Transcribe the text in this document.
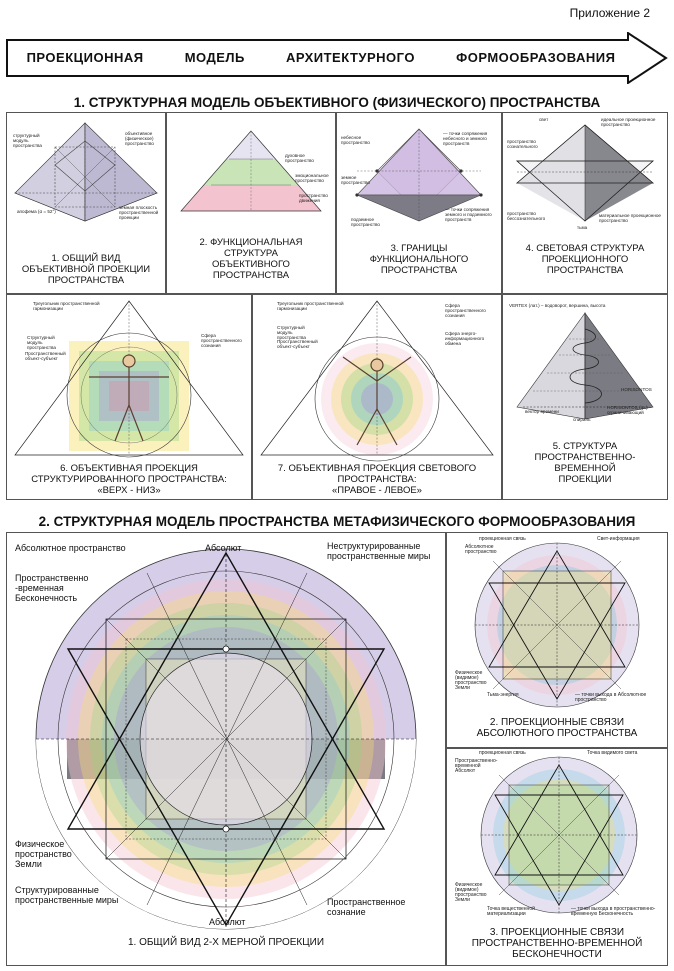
Приложение 2
ПРОЕКЦИОННАЯ	МОДЕЛЬ	АРХИТЕКТУРНОГО	ФОРМООБРАЗОВАНИЯ
1. СТРУКТУРНАЯ МОДЕЛЬ ОБЪЕКТИВНОГО (ФИЗИЧЕСКОГО) ПРОСТРАНСТВА
структурный модуль пространства
объективное (физическое) пространство
земная плоскость пространственной проекции
апофема (α = 52°)
1. ОБЩИЙ ВИД
ОБЪЕКТИВНОЙ ПРОЕКЦИИ
ПРОСТРАНСТВА
духовное пространство
эмоциональное пространство
пространство движения
2. ФУНКЦИОНАЛЬНАЯ
СТРУКТУРА
ОБЪЕКТИВНОГО
ПРОСТРАНСТВА
небесное пространство
земное пространство
подземное пространство
— точки сопряжения небесного и земного пространств
— точки сопряжения земного и подземного пространств
3. ГРАНИЦЫ
ФУНКЦИОНАЛЬНОГО
ПРОСТРАНСТВА
свет	идеальное проекционное пространство
пространство сознательного
пространство бессознательного
материальное проекционное пространство
тьма
4. СВЕТОВАЯ СТРУКТУРА
ПРОЕКЦИОННОГО
ПРОСТРАНСТВА
Треугольник пространственной гармонизации
Структурный модуль пространства
Пространственный объект-субъект
Сфера пространственного сознания
6. ОБЪЕКТИВНАЯ ПРОЕКЦИЯ
СТРУКТУРИРОВАННОГО ПРОСТРАНСТВА:
«ВЕРХ - НИЗ»
Треугольник пространственной гармонизации
Структурный модуль пространства
Пространственный объект-субъект
Сфера пространственного сознания
Сфера энерго-информационного обмена
7. ОБЪЕКТИВНАЯ ПРОЕКЦИЯ СВЕТОВОГО
ПРОСТРАНСТВА:
«ПРАВОЕ - ЛЕВОЕ»
VERTEX (лат.) – водоворот, вершина, высота
HORISONTOS
HORISONTOS (гр.) – ограничивающий
вектор времени
спираль
5. СТРУКТУРА
ПРОСТРАНСТВЕННО-
ВРЕМЕННОЙ
ПРОЕКЦИИ
2. СТРУКТУРНАЯ МОДЕЛЬ ПРОСТРАНСТВА МЕТАФИЗИЧЕСКОГО ФОРМООБРАЗОВАНИЯ
Абсолютное пространство	Абсолют	Неструктурированные пространственные миры
Пространственно -временная Бесконечность
Физическое пространство Земли
Структурированные пространственные миры
Абсолют
Пространственное сознание
1. ОБЩИЙ ВИД 2-Х МЕРНОЙ ПРОЕКЦИИ
проекционная связь
Абсолютное пространство
Свет-информация
Физическое (видимое) пространство Земли
Тьма-энергия	— точки выхода в Абсолютное пространство
2. ПРОЕКЦИОННЫЕ СВЯЗИ
АБСОЛЮТНОГО ПРОСТРАНСТВА
проекционная связь	Точка видимого света
Пространственно-временной Абсолют
Физическое (видимое) пространство Земли
Точка вещественной материализации
— точки выхода в пространственно-временную Бесконечность
3. ПРОЕКЦИОННЫЕ СВЯЗИ
ПРОСТРАНСТВЕННО-ВРЕМЕННОЙ
БЕСКОНЕЧНОСТИ
